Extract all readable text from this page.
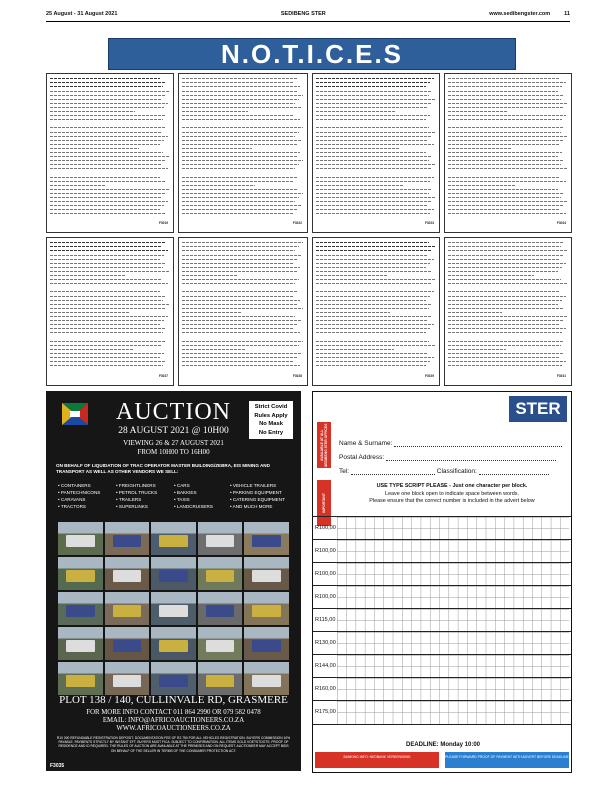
25 August - 31 August 2021	SEDIBENG STER	www.sedibengster.com	11
N.O.T.I.C.E.S
F3019	F3022	F3023	F3024
F3027	F3028	F3029	F3031
AUCTION	Strict Covid
Rules Apply
No Mask
No Entry
28 AUGUST 2021 @ 10H00
VIEWING 26 & 27 AUGUST 2021
FROM 10H00 TO 16H00
ON BEHALF OF LIQUIDATION OF TRAC OPERATOR MASTER BUILDING/ZEBRA, EIS MINING AND TRANSPORT AS WELL AS OTHER VENDORS WE SELL:
• CONTAINERS	• FREIGHTLINERS	• CARS	• VEHICLE TRAILERS
• PANTECHNICONS	• PETROL TRUCKS	• BAKKIES	• PARKING EQUIPMENT
• CARAVANS	• TRAILERS	• TAXIS	• CATERING EQUIPMENT
• TRACTORS	• SUPERLINKS	• LANDCRUISERS	• AND MUCH MORE
PLOT 138 / 140, CULLINVALE RD, GRASMERE
FOR MORE INFO CONTACT 011 864 2990 OR 079 582 0478
EMAIL: INFO@AFRICOAUCTIONEERS.CO.ZA
WWW.AFRICOAUCTIONEERS.CO.ZA
R10 000 REFUNDABLE REGISTRATION DEPOSIT. DOCUMENTATION FEE OF R2 750 FOR ALL VEHICLES REGISTRATION. BUYERS COMMISSION 10% PAYABLE. PAYMENTS STRICTLY BY INSTANT EFT. BUYERS MUST FICA. SUBJECT TO CONFIRMATION. ALL ITEMS SOLD VOETSTOOTS. PROOF OF RESIDENCE AND ID REQUIRED. THE RULES OF AUCTION ARE AVAILABLE AT THE PREMISES AND ON REQUEST. AUCTIONEER MAY ACCEPT BIDS ON BEHALF OF THE SELLER IN TERMS OF THE CONSUMER PROTECTION ACT.
F3035
STER
AVAILABLE AT ALL SEDIBENG STER OFFICES
IMPORTANT
Name & Surname:
Postal Address:
Tel:	Classification:
USE TYPE SCRIPT PLEASE - Just one character per block.
Leave one block open to indicate space between words.
Please ensure that the correct number is included in the advert below
R100,00
R100,00
R100,00
R100,00
R115,00
R130,00
R144,00
R160,00
R175,00
DEADLINE: Monday 10:00
BANKING INFO: NEDBANK VEREENIGING	PLEASE FORWARD PROOF OF PAYMENT WITH ADVERT BEFORE DEADLINE
